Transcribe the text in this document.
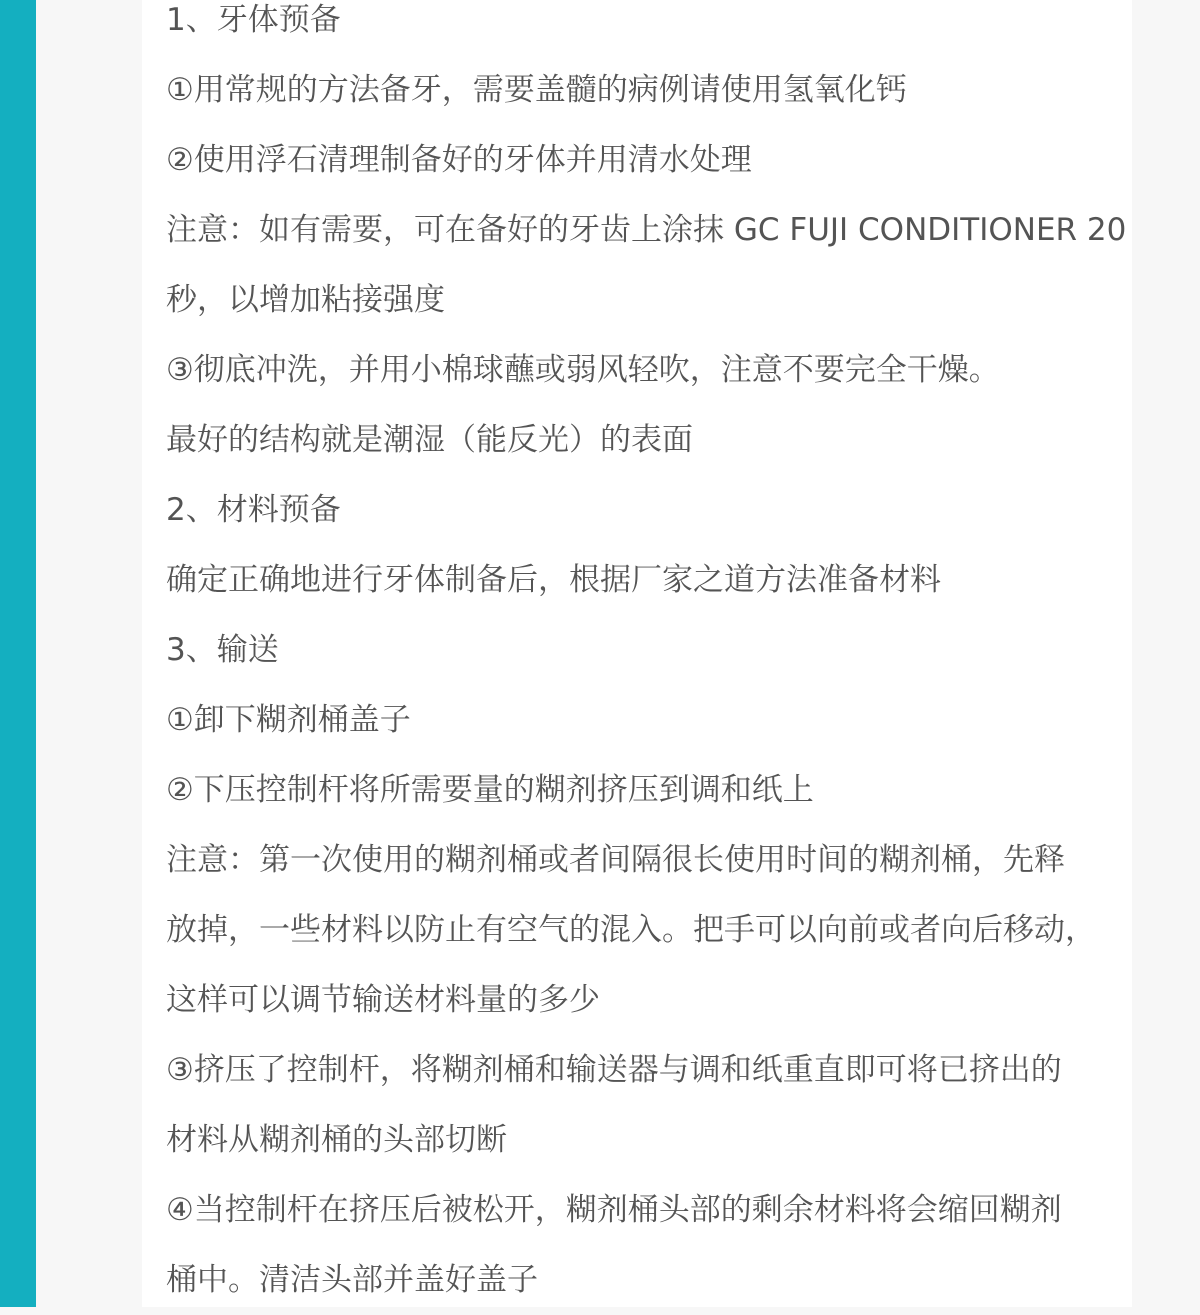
1、牙体预备
①用常规的方法备牙，需要盖髓的病例请使用氢氧化钙
②使用浮石清理制备好的牙体并用清水处理
注意：如有需要，可在备好的牙齿上涂抹 GC FUJI CONDITIONER 20
秒，以增加粘接强度
③彻底冲洗，并用小棉球蘸或弱风轻吹，注意不要完全干燥。
最好的结构就是潮湿（能反光）的表面
2、材料预备
确定正确地进行牙体制备后，根据厂家之道方法准备材料
3、输送
①卸下糊剂桶盖子
②下压控制杆将所需要量的糊剂挤压到调和纸上
注意：第一次使用的糊剂桶或者间隔很长使用时间的糊剂桶，先释
放掉，一些材料以防止有空气的混入。把手可以向前或者向后移动，
这样可以调节输送材料量的多少
③挤压了控制杆，将糊剂桶和输送器与调和纸重直即可将已挤出的
材料从糊剂桶的头部切断
④当控制杆在挤压后被松开，糊剂桶头部的剩余材料将会缩回糊剂
桶中。清洁头部并盖好盖子
